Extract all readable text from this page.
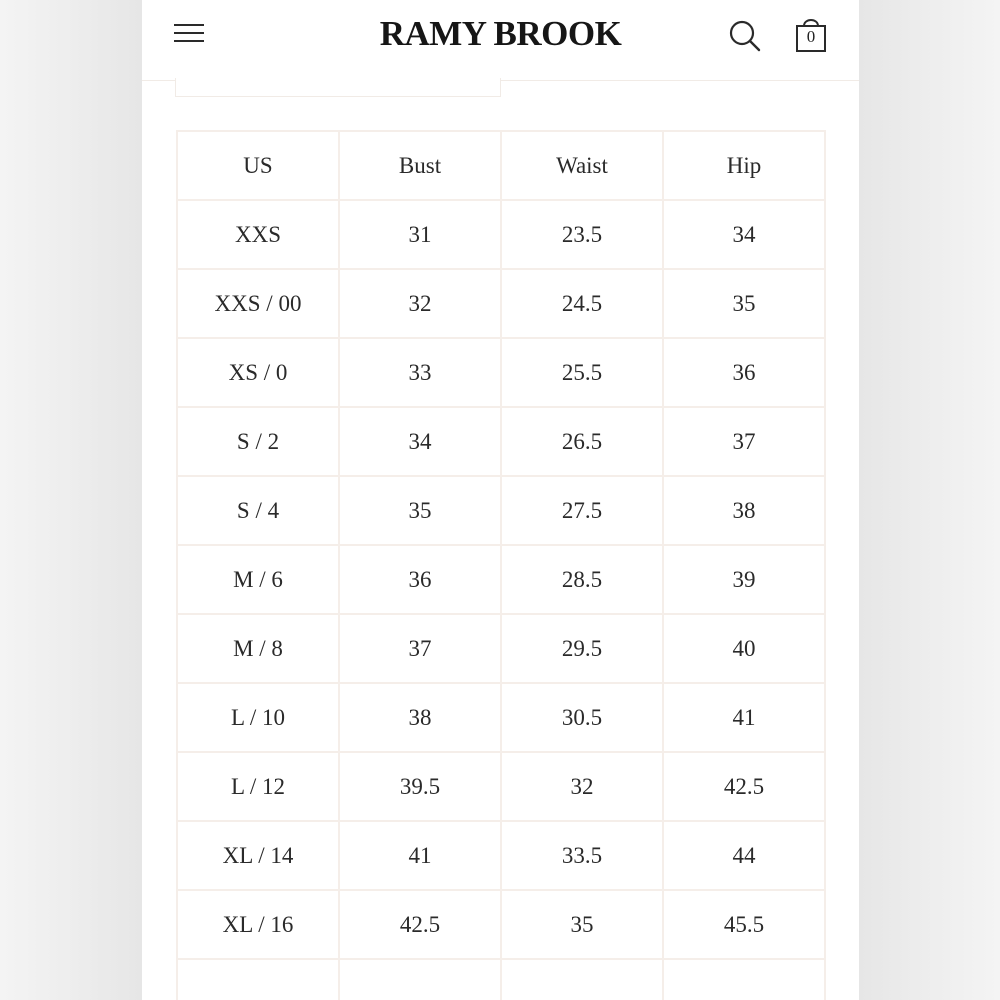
RAMY BROOK	0
US	Bust	Waist	Hip
XXS	31	23.5	34
XXS / 00	32	24.5	35
XS / 0	33	25.5	36
S / 2	34	26.5	37
S / 4	35	27.5	38
M / 6	36	28.5	39
M / 8	37	29.5	40
L / 10	38	30.5	41
L / 12	39.5	32	42.5
XL / 14	41	33.5	44
XL / 16	42.5	35	45.5
